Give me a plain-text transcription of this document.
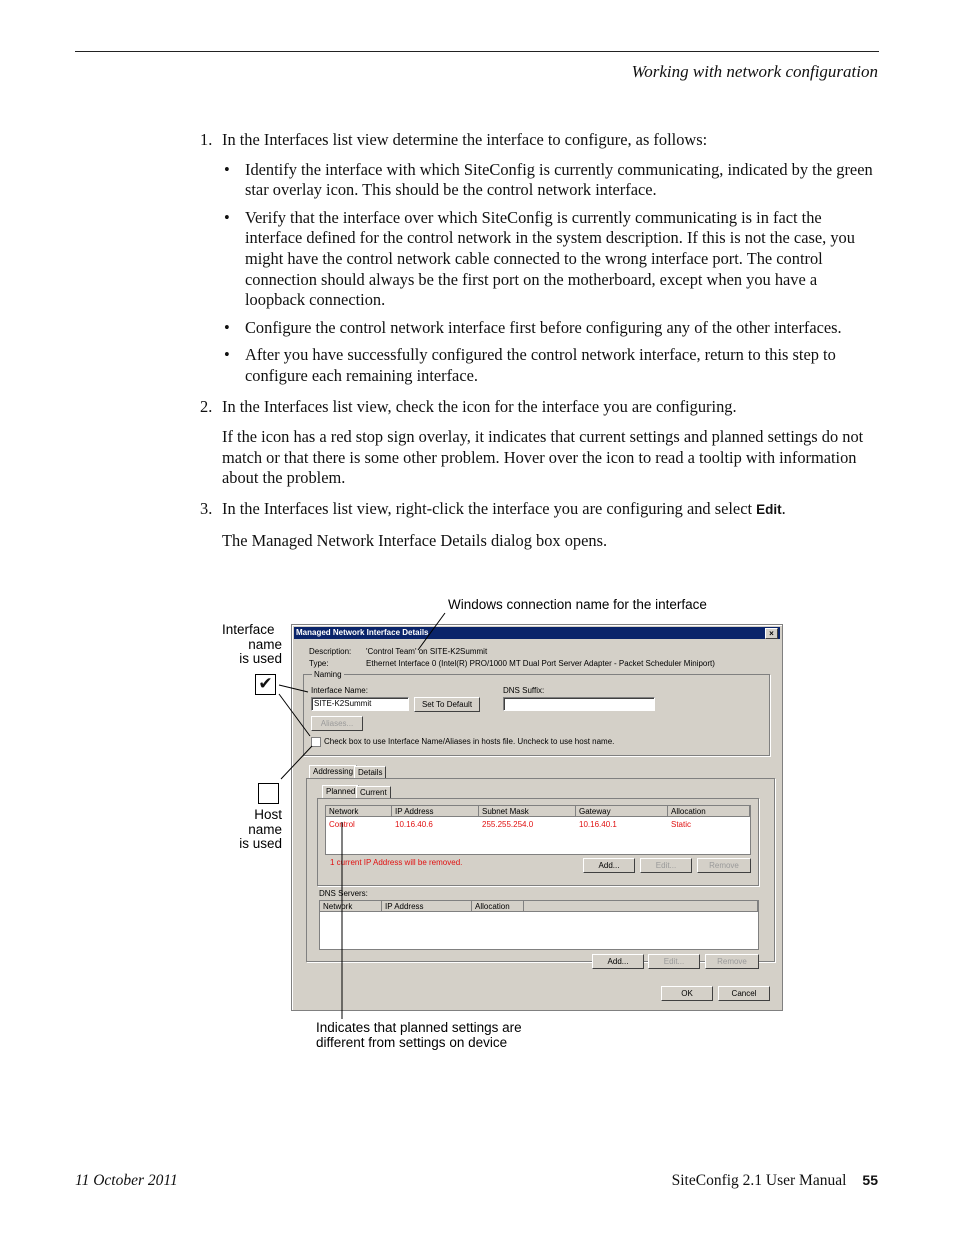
Working with network configuration
1. In the Interfaces list view determine the interface to configure, as follows:

• Identify the interface with which SiteConfig is currently communicating, indicated by the green star overlay icon. This should be the control network interface.
• Verify that the interface over which SiteConfig is currently communicating is in fact the interface defined for the control network in the system description. If this is not the case, you might have the control network cable connected to the wrong interface port. The control connection should always be the first port on the motherboard, except when you have a loopback connection.
• Configure the control network interface first before configuring any of the other interfaces.
• After you have successfully configured the control network interface, return to this step to configure each remaining interface.
2. In the Interfaces list view, check the icon for the interface you are configuring.

If the icon has a red stop sign overlay, it indicates that current settings and planned settings do not match or that there is some other problem. Hover over the icon to read a tooltip with information about the problem.

3. In the Interfaces list view, right-click the interface you are configuring and select Edit.

The Managed Network Interface Details dialog box opens.

Windows connection name for the interface
Interface
name
is used
✔
Host
name
is used
Indicates that planned settings are
different from settings on device
Managed Network Interface Details	×
Description: 'Control Team' on SITE-K2Summit
Type:	Ethernet Interface 0 (Intel(R) PRO/1000 MT Dual Port Server Adapter - Packet Scheduler Miniport)
Naming
Interface Name:
SITE-K2Summit	Set To Default
DNS Suffix:
Aliases...
Check box to use Interface Name/Aliases in hosts file. Uncheck to use host name.
Addressing Details
Planned Current
Network	IP Address	Subnet Mask	Gateway	Allocation
Control	10.16.40.6	255.255.254.0	10.16.40.1	Static
1 current IP Address will be removed.	Add...	Edit...	Remove
DNS Servers:
Network	IP Address	Allocation
Add...	Edit...	Remove
OK	Cancel
11 October 2011	SiteConfig 2.1 User Manual 55
